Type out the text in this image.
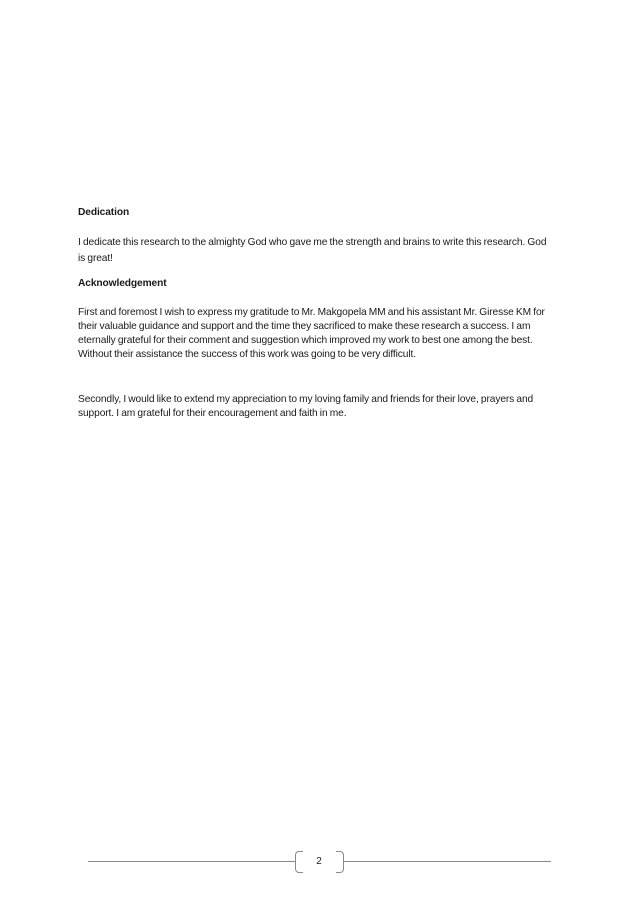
Dedication

I dedicate this research to the almighty God who gave me the strength and brains to write this research. God is great!

Acknowledgement

First and foremost I wish to express my gratitude to Mr. Makgopela MM and his assistant Mr. Giresse KM for their valuable guidance and support and the time they sacrificed to make these research a success. I am eternally grateful for their comment and suggestion which improved my work to best one among the best. Without their assistance the success of this work was going to be very difficult.

Secondly, I would like to extend my appreciation to my loving family and friends for their love, prayers and support. I am grateful for their encouragement and faith in me.

2
